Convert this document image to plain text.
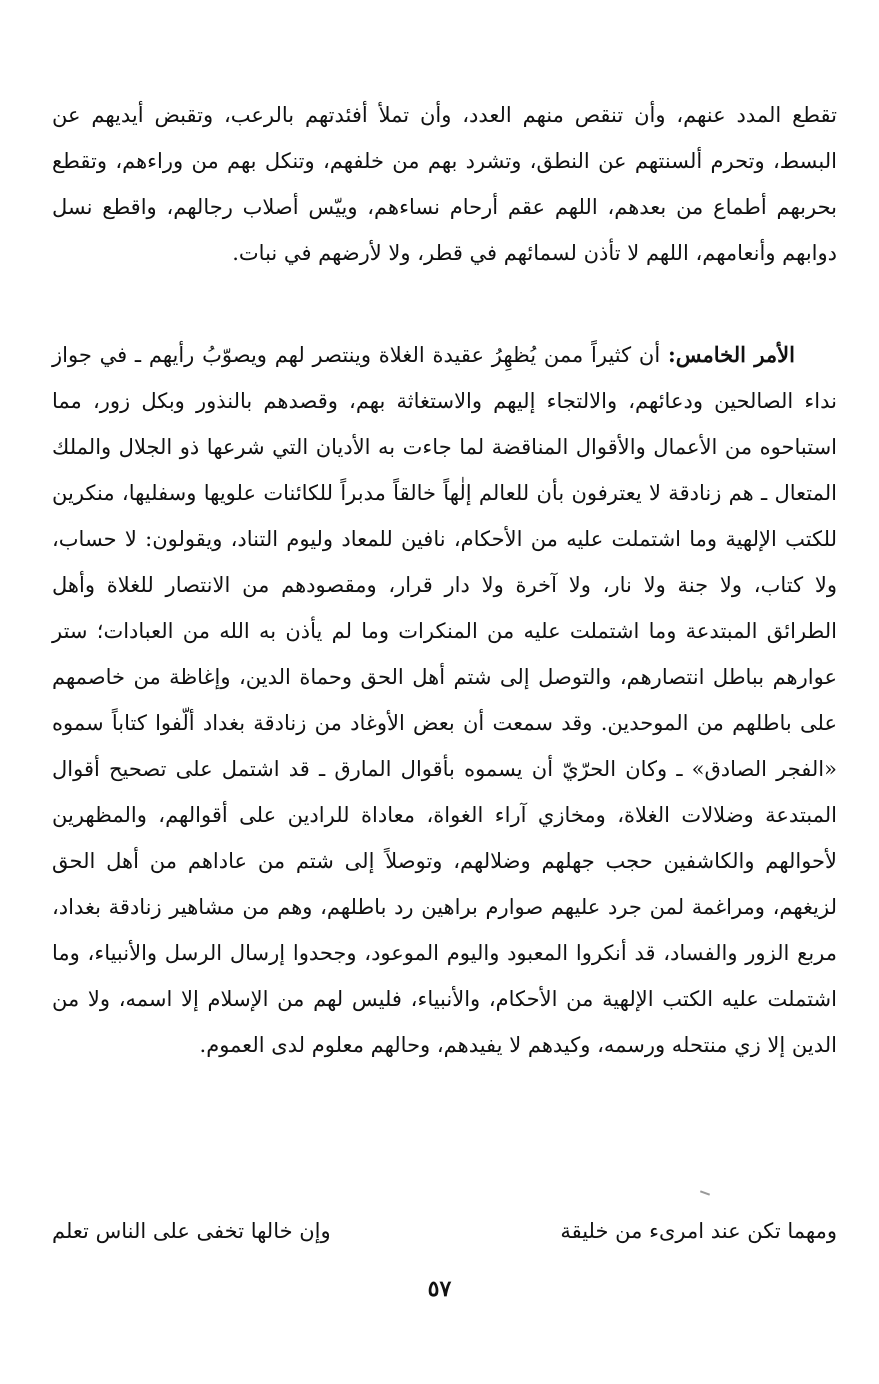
تقطع المدد عنهم، وأن تنقص منهم العدد، وأن تملأ أفئدتهم بالرعب، وتقبض أيديهم عن البسط، وتحرم ألسنتهم عن النطق، وتشرد بهم من خلفهم، وتنكل بهم من وراءهم، وتقطع بحربهم أطماع من بعدهم، اللهم عقم أرحام نساءهم، وييّس أصلاب رجالهم، واقطع نسل دوابهم وأنعامهم، اللهم لا تأذن لسمائهم في قطر، ولا لأرضهم في نبات.

الأمر الخامس: أن كثيراً ممن يُظهِرُ عقيدة الغلاة وينتصر لهم ويصوّبُ رأيهم ـ في جواز نداء الصالحين ودعائهم، والالتجاء إليهم والاستغاثة بهم، وقصدهم بالنذور وبكل زور، مما استباحوه من الأعمال والأقوال المناقضة لما جاءت به الأديان التي شرعها ذو الجلال والملك المتعال ـ هم زنادقة لا يعترفون بأن للعالم إلٰهاً خالقاً مدبراً للكائنات علويها وسفليها، منكرين للكتب الإلهية وما اشتملت عليه من الأحكام، نافين للمعاد وليوم التناد، ويقولون: لا حساب، ولا كتاب، ولا جنة ولا نار، ولا آخرة ولا دار قرار، ومقصودهم من الانتصار للغلاة وأهل الطرائق المبتدعة وما اشتملت عليه من المنكرات وما لم يأذن به الله من العبادات؛ ستر عوارهم بباطل انتصارهم، والتوصل إلى شتم أهل الحق وحماة الدين، وإغاظة من خاصمهم على باطلهم من الموحدين. وقد سمعت أن بعض الأوغاد من زنادقة بغداد ألّفوا كتاباً سموه «الفجر الصادق» ـ وكان الحرّيّ أن يسموه بأقوال المارق ـ قد اشتمل على تصحيح أقوال المبتدعة وضلالات الغلاة، ومخازي آراء الغواة، معاداة للرادين على أقوالهم، والمظهرين لأحوالهم والكاشفين حجب جهلهم وضلالهم، وتوصلاً إلى شتم من عاداهم من أهل الحق لزيغهم، ومراغمة لمن جرد عليهم صوارم براهين رد باطلهم، وهم من مشاهير زنادقة بغداد، مربع الزور والفساد، قد أنكروا المعبود واليوم الموعود، وجحدوا إرسال الرسل والأنبياء، وما اشتملت عليه الكتب الإلهية من الأحكام، والأنبياء، فليس لهم من الإسلام إلا اسمه، ولا من الدين إلا زي منتحله ورسمه، وكيدهم لا يفيدهم، وحالهم معلوم لدى العموم.

ومهما تكن عند امرىء من خليقة
وإن خالها تخفى على الناس تعلم
٥٧
